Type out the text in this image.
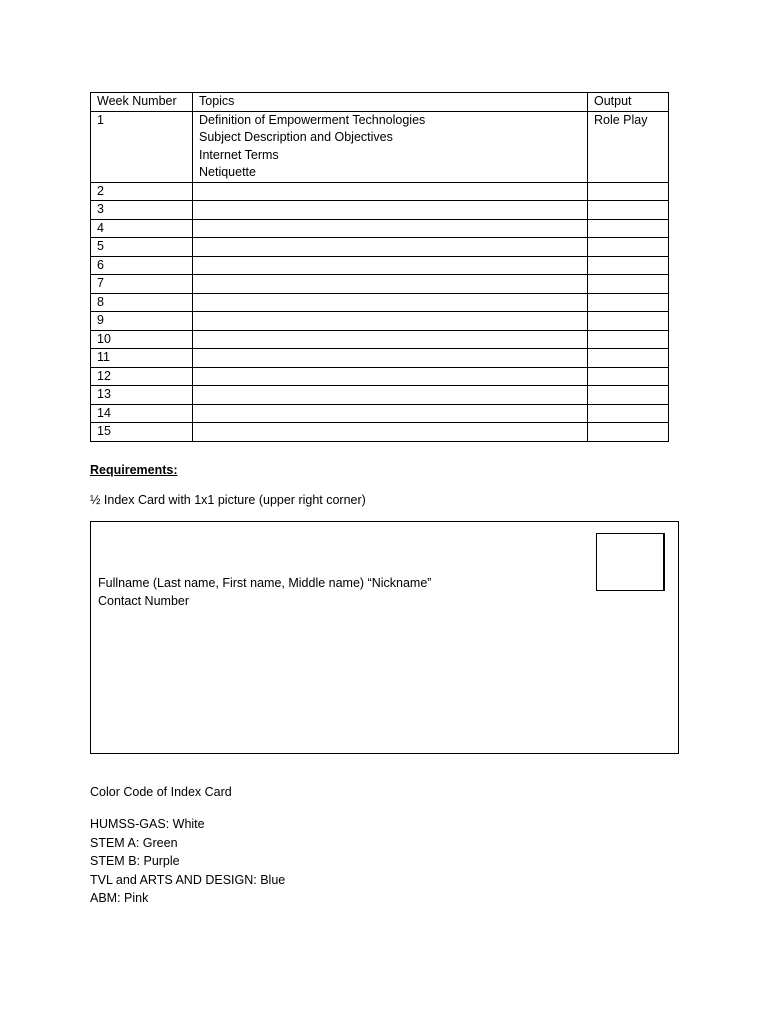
Week Number	Topics	Output
1	Definition of Empowerment Technologies
Subject Description and Objectives
Internet Terms
Netiquette	Role Play
2		
3		
4		
5		
6		
7		
8		
9		
10		
11		
12		
13		
14		
15		
Requirements:
½ Index Card with 1x1 picture (upper right corner)
Fullname (Last name, First name, Middle name) “Nickname”
Contact Number
Color Code of Index Card
HUMSS-GAS: White
STEM A: Green
STEM B: Purple
TVL and ARTS AND DESIGN: Blue
ABM: Pink
